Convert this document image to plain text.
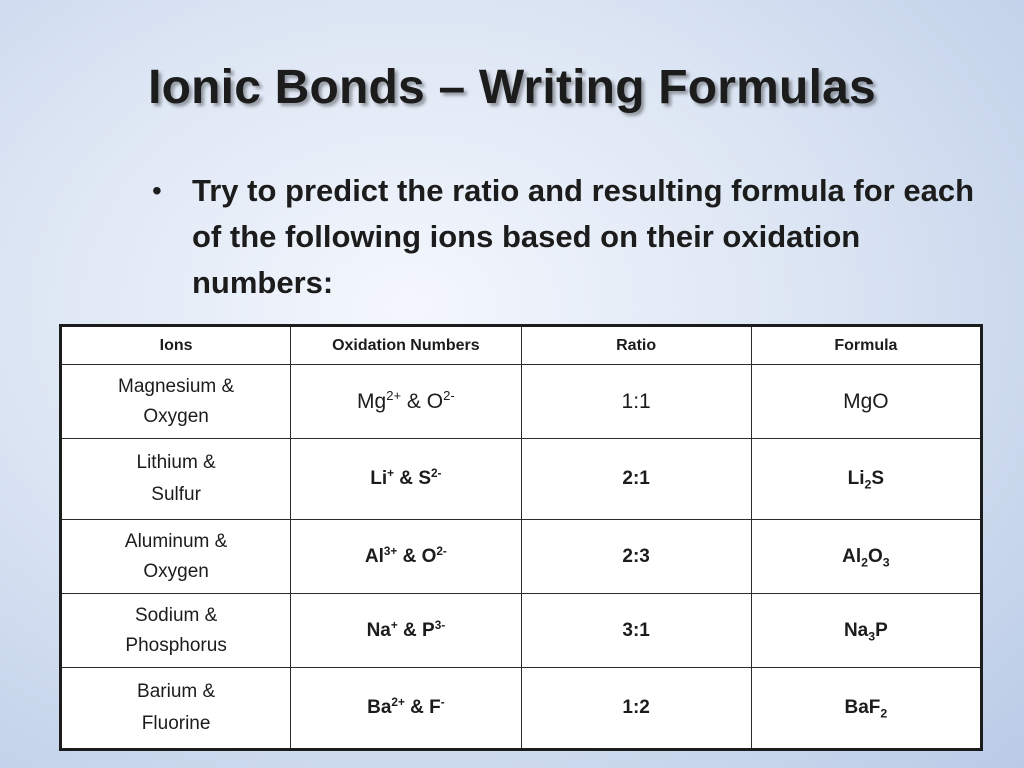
Ionic Bonds – Writing Formulas
• Try to predict the ratio and resulting formula for each of the following ions based on their oxidation numbers:
Ions	Oxidation Numbers	Ratio	Formula

Magnesium &
Oxygen	$Mg^{2+}$ & $O^{2-}$	1:1	MgO

Lithium &
Sulfur	Li+ & $S^{2-}$	2:1	$Li_2S$

Aluminum &
Oxygen	$Al^{3+}$ & $O^{2-}$	2:3	$Al_2O_3$

Sodium &
Phosphorus	Na+ & $P^{3-}$	3:1	$Na_3P$

Barium &
Fluorine	$Ba^{2+}$ & F-	1:2	BaF$_2$
